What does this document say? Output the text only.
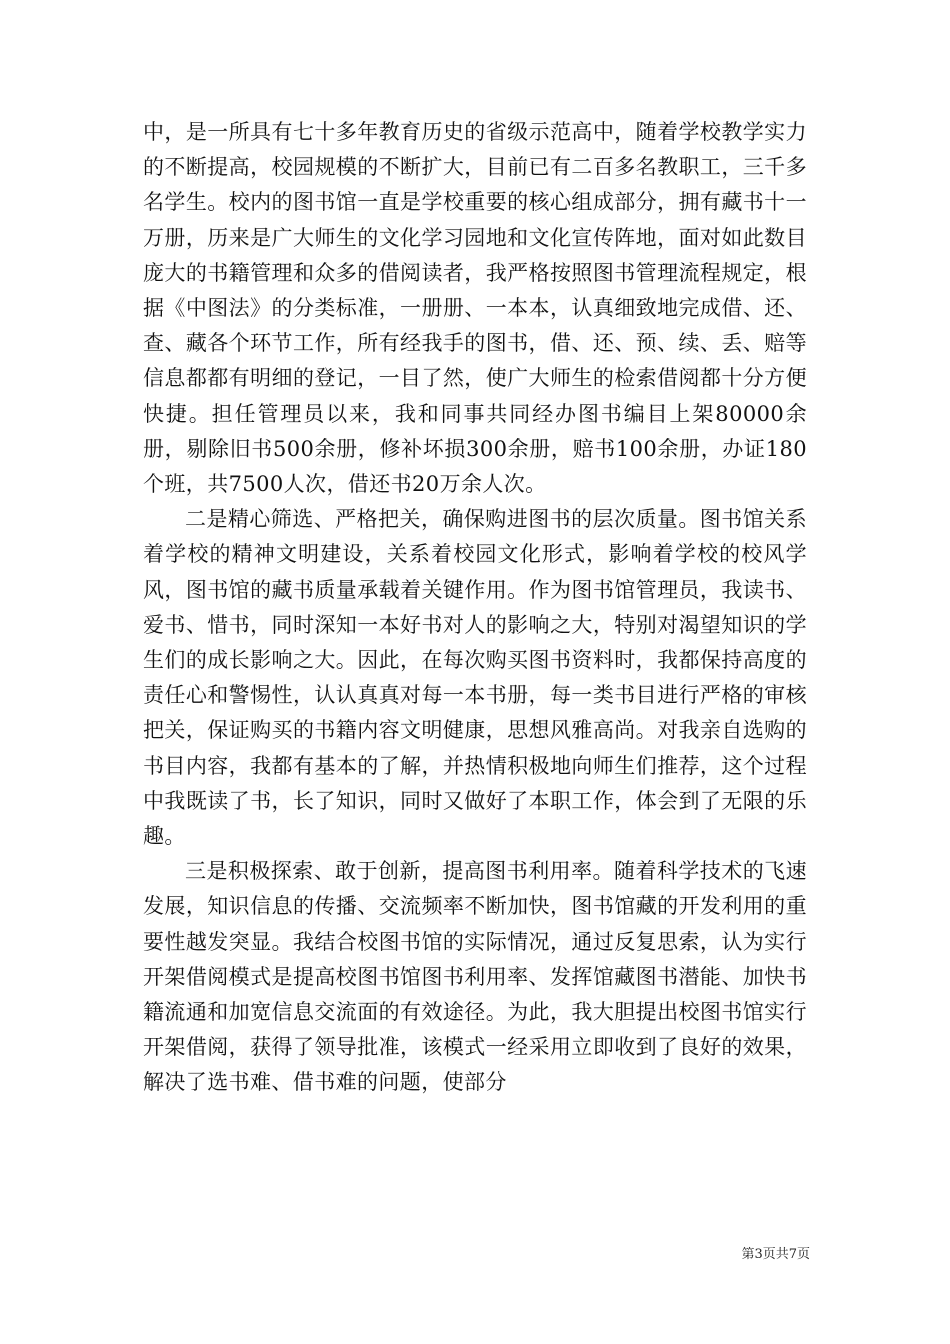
中，是一所具有七十多年教育历史的省级示范高中，随着学校教学实力的不断提高，校园规模的不断扩大，目前已有二百多名教职工，三千多名学生。校内的图书馆一直是学校重要的核心组成部分，拥有藏书十一万册，历来是广大师生的文化学习园地和文化宣传阵地，面对如此数目庞大的书籍管理和众多的借阅读者，我严格按照图书管理流程规定，根据《中图法》的分类标准，一册册、一本本，认真细致地完成借、还、查、藏各个环节工作，所有经我手的图书，借、还、预、续、丢、赔等信息都都有明细的登记，一目了然，使广大师生的检索借阅都十分方便快捷。担任管理员以来，我和同事共同经办图书编目上架80000余册，剔除旧书500余册，修补坏损300余册，赔书100余册，办证180个班，共7500人次，借还书20万余人次。

二是精心筛选、严格把关，确保购进图书的层次质量。图书馆关系着学校的精神文明建设，关系着校园文化形式，影响着学校的校风学风，图书馆的藏书质量承载着关键作用。作为图书馆管理员，我读书、爱书、惜书，同时深知一本好书对人的影响之大，特别对渴望知识的学生们的成长影响之大。因此，在每次购买图书资料时，我都保持高度的责任心和警惕性，认认真真对每一本书册，每一类书目进行严格的审核把关，保证购买的书籍内容文明健康，思想风雅高尚。对我亲自选购的书目内容，我都有基本的了解，并热情积极地向师生们推荐，这个过程中我既读了书，长了知识，同时又做好了本职工作，体会到了无限的乐趣。

三是积极探索、敢于创新，提高图书利用率。随着科学技术的飞速发展，知识信息的传播、交流频率不断加快，图书馆藏的开发利用的重要性越发突显。我结合校图书馆的实际情况，通过反复思索，认为实行开架借阅模式是提高校图书馆图书利用率、发挥馆藏图书潜能、加快书籍流通和加宽信息交流面的有效途径。为此，我大胆提出校图书馆实行开架借阅，获得了领导批准，该模式一经采用立即收到了良好的效果，解决了选书难、借书难的问题，使部分

第3页共7页
